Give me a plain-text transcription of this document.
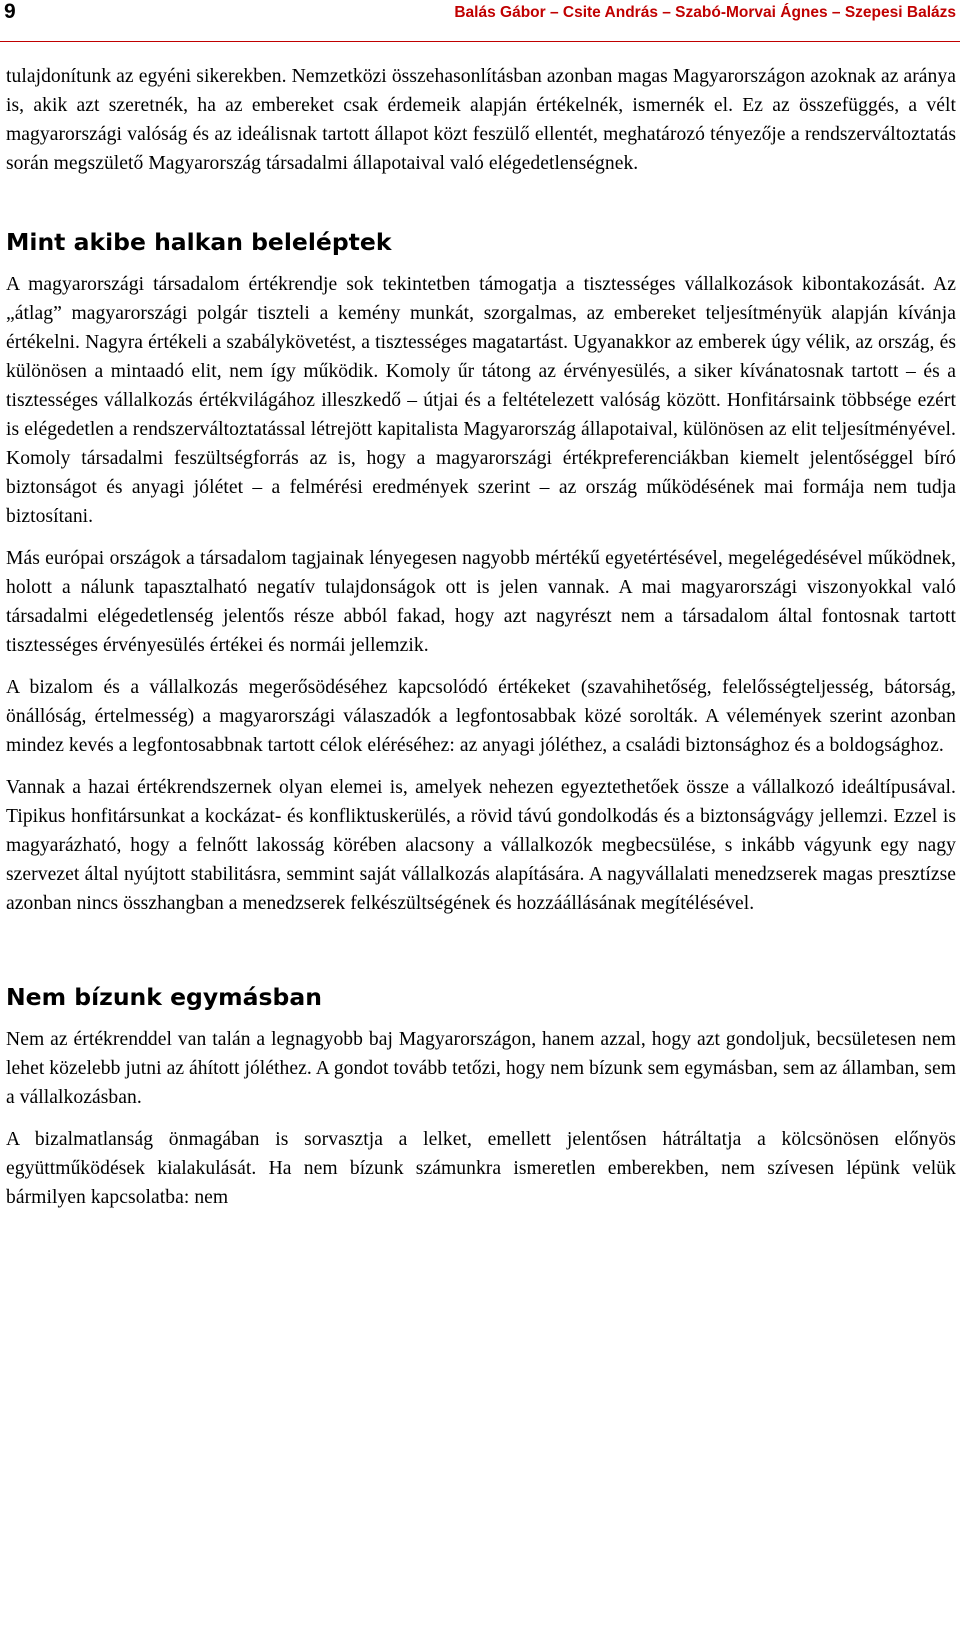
9	Balás Gábor – Csite András – Szabó-Morvai Ágnes – Szepesi Balázs

tulajdonítunk az egyéni sikerekben. Nemzetközi összehasonlításban azonban magas Magyarországon azoknak az aránya is, akik azt szeretnék, ha az embereket csak érdemeik alapján értékelnék, ismernék el. Ez az összefüggés, a vélt magyarországi valóság és az ideálisnak tartott állapot közt feszülő ellentét, meghatározó tényezője a rendszerváltoztatás során megszülető Magyarország társadalmi állapotaival való elégedetlenségnek.

Mint akibe halkan beleléptek

A magyarországi társadalom értékrendje sok tekintetben támogatja a tisztességes vállalkozások kibontakozását. Az „átlag” magyarországi polgár tiszteli a kemény munkát, szorgalmas, az embereket teljesítményük alapján kívánja értékelni. Nagyra értékeli a szabálykövetést, a tisztességes magatartást. Ugyanakkor az emberek úgy vélik, az ország, és különösen a mintaadó elit, nem így működik. Komoly űr tátong az érvényesülés, a siker kívánatosnak tartott – és a tisztességes vállalkozás értékvilágához illeszkedő – útjai és a feltételezett valóság között. Honfitársaink többsége ezért is elégedetlen a rendszerváltoztatással létrejött kapitalista Magyarország állapotaival, különösen az elit teljesítményével. Komoly társadalmi feszültségforrás az is, hogy a magyarországi értékpreferenciákban kiemelt jelentőséggel bíró biztonságot és anyagi jólétet – a felmérési eredmények szerint – az ország működésének mai formája nem tudja biztosítani.

Más európai országok a társadalom tagjainak lényegesen nagyobb mértékű egyetértésével, megelégedésével működnek, holott a nálunk tapasztalható negatív tulajdonságok ott is jelen vannak. A mai magyarországi viszonyokkal való társadalmi elégedetlenség jelentős része abból fakad, hogy azt nagyrészt nem a társadalom által fontosnak tartott tisztességes érvényesülés értékei és normái jellemzik.

A bizalom és a vállalkozás megerősödéséhez kapcsolódó értékeket (szavahihetőség, felelősségteljesség, bátorság, önállóság, értelmesség) a magyarországi válaszadók a legfontosabbak közé sorolták. A vélemények szerint azonban mindez kevés a legfontosabbnak tartott célok eléréséhez: az anyagi jóléthez, a családi biztonsághoz és a boldogsághoz.

Vannak a hazai értékrendszernek olyan elemei is, amelyek nehezen egyeztethetőek össze a vállalkozó ideáltípusával. Tipikus honfitársunkat a kockázat- és konfliktuskerülés, a rövid távú gondolkodás és a biztonságvágy jellemzi. Ezzel is magyarázható, hogy a felnőtt lakosság körében alacsony a vállalkozók megbecsülése, s inkább vágyunk egy nagy szervezet által nyújtott stabilitásra, semmint saját vállalkozás alapítására. A nagyvállalati menedzserek magas presztízse azonban nincs összhangban a menedzserek felkészültségének és hozzáállásának megítélésével.

Nem bízunk egymásban

Nem az értékrenddel van talán a legnagyobb baj Magyarországon, hanem azzal, hogy azt gondoljuk, becsületesen nem lehet közelebb jutni az áhított jóléthez. A gondot tovább tetőzi, hogy nem bízunk sem egymásban, sem az államban, sem a vállalkozásban.

A bizalmatlanság önmagában is sorvasztja a lelket, emellett jelentősen hátráltatja a kölcsönösen előnyös együttműködések kialakulását. Ha nem bízunk számunkra ismeretlen emberekben, nem szívesen lépünk velük bármilyen kapcsolatba: nem
